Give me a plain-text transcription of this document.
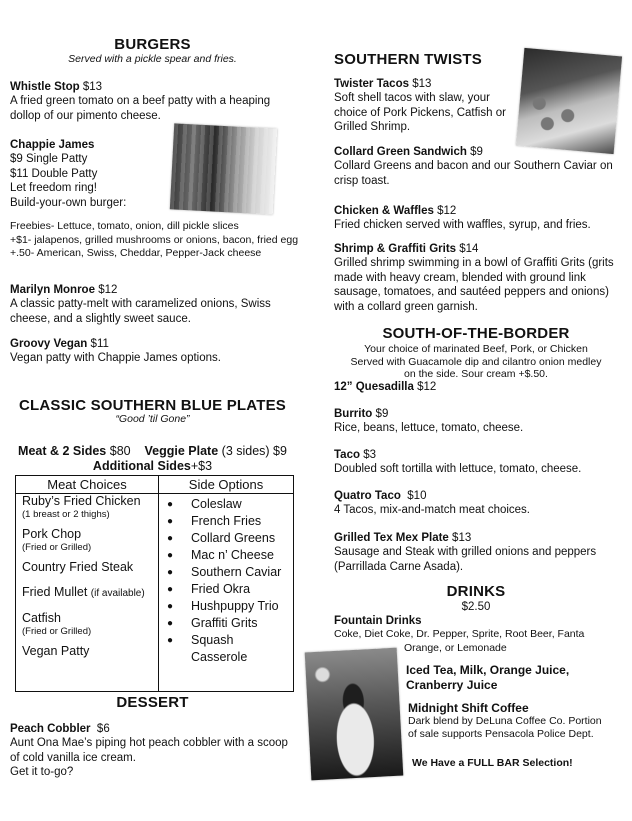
BURGERS
Served with a pickle spear and fries.
Whistle Stop $13
A fried green tomato on a beef patty with a heaping dollop of our pimento cheese.
Chappie James
$9 Single Patty
$11 Double Patty
Let freedom ring!
Build-your-own burger:
Freebies- Lettuce, tomato, onion, dill pickle slices
+$1- jalapenos, grilled mushrooms or onions, bacon, fried egg
+.50- American, Swiss, Cheddar, Pepper-Jack cheese
Marilyn Monroe $12
A classic patty-melt with caramelized onions, Swiss cheese, and a slightly sweet sauce.
Groovy Vegan $11
Vegan patty with Chappie James options.
CLASSIC SOUTHERN BLUE PLATES
“Good ’til Gone”
Meat & 2 Sides $80 Veggie Plate (3 sides) $9
Additional Sides+$3
Meat Choices	Side Options

Ruby’s Fried Chicken
(1 breast or 2 thighs)
Pork Chop
(Fried or Grilled)
Country Fried Steak
Fried Mullet (if available)
Catfish
(Fried or Grilled)
Vegan Patty

●	Coleslaw
●	French Fries
●	Collard Greens
●	Mac n’ Cheese
●	Southern Caviar
●	Fried Okra
●	Hushpuppy Trio
●	Graffiti Grits
●	Squash Casserole
DESSERT
Peach Cobbler $6
Aunt Ona Mae’s piping hot peach cobbler with a scoop of cold vanilla ice cream.
Get it to-go?
SOUTHERN TWISTS
Twister Tacos $13
Soft shell tacos with slaw, your choice of Pork Pickens, Catfish or Grilled Shrimp.
Collard Green Sandwich $9
Collard Greens and bacon and our Southern Caviar on crisp toast.
Chicken & Waffles $12
Fried chicken served with waffles, syrup, and fries.
Shrimp & Graffiti Grits $14
Grilled shrimp swimming in a bowl of Graffiti Grits (grits made with heavy cream, blended with ground link sausage, tomatoes, and sautéed peppers and onions) with a collard green garnish.
SOUTH-OF-THE-BORDER
Your choice of marinated Beef, Pork, or Chicken
Served with Guacamole dip and cilantro onion medley
on the side. Sour cream +$.50.
12” Quesadilla $12
Burrito $9
Rice, beans, lettuce, tomato, cheese.
Taco $3
Doubled soft tortilla with lettuce, tomato, cheese.
Quatro Taco $10
4 Tacos, mix-and-match meat choices.
Grilled Tex Mex Plate $13
Sausage and Steak with grilled onions and peppers (Parrillada Carne Asada).
DRINKS
$2.50
Fountain Drinks
Coke, Diet Coke, Dr. Pepper, Sprite, Root Beer, Fanta
Orange, or Lemonade
Iced Tea, Milk, Orange Juice,
Cranberry Juice
Midnight Shift Coffee
Dark blend by DeLuna Coffee Co. Portion
of sale supports Pensacola Police Dept.
We Have a FULL BAR Selection!
